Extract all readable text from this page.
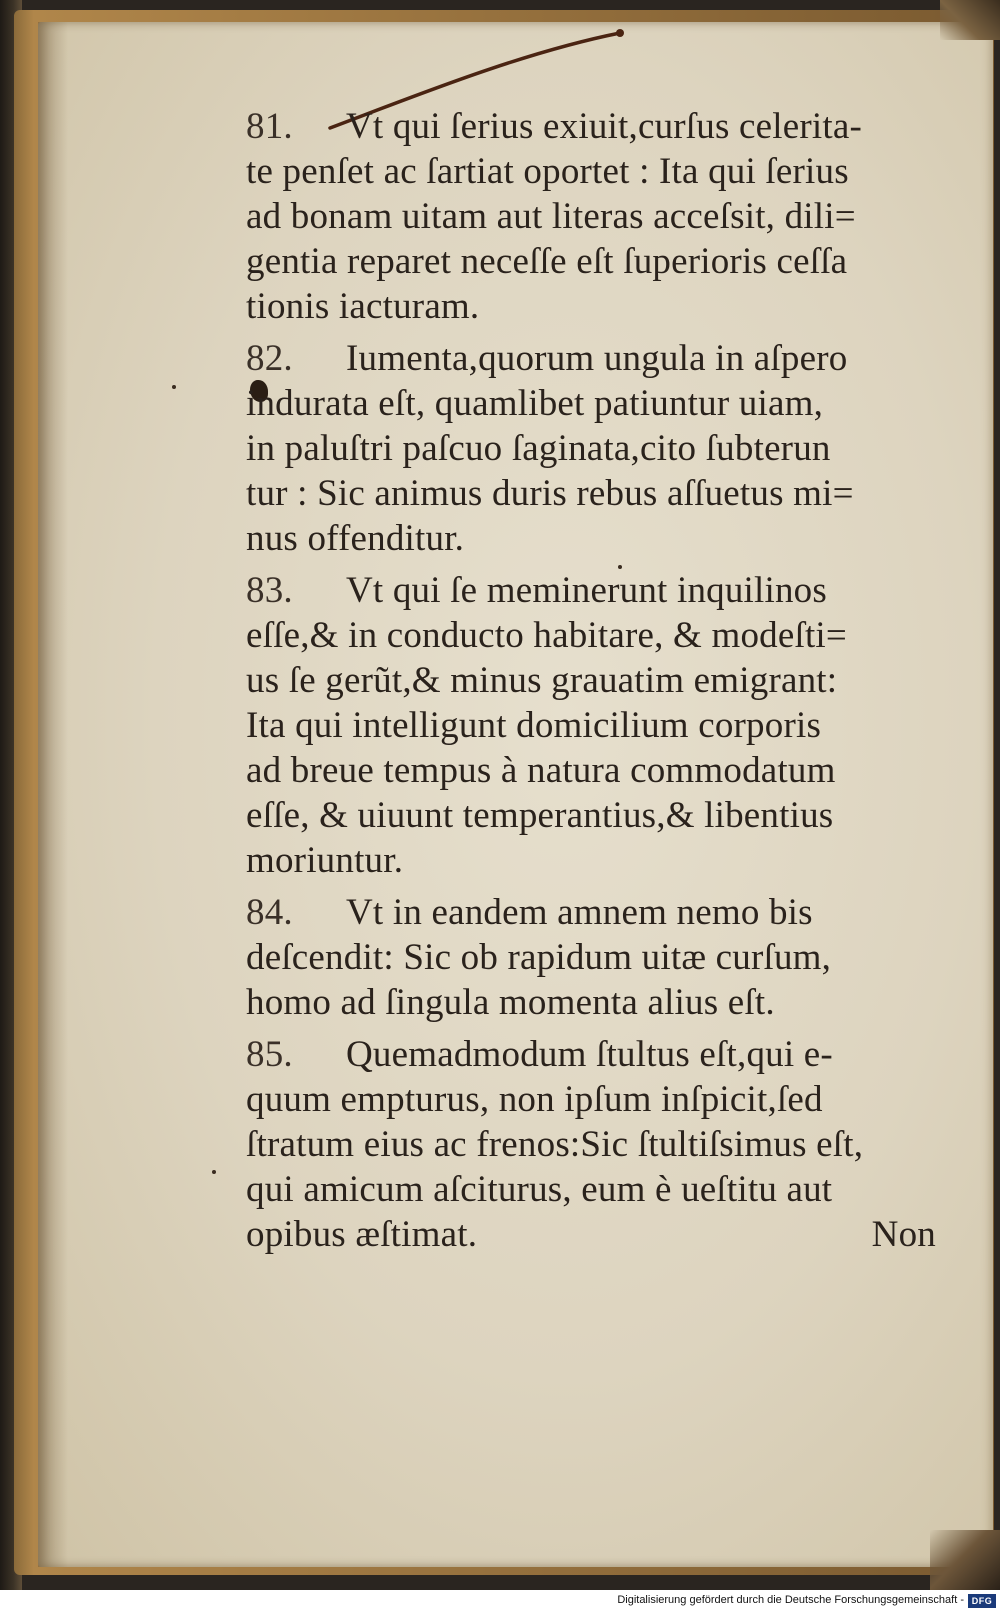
81. Vt qui ſerius exiuit,curſus celerita-
te penſet ac ſartiat oportet : Ita qui ſerius
ad bonam uitam aut literas acceſsit, dili=
gentia reparet neceſſe eſt ſuperioris ceſſa
tionis iacturam.
82. Iumenta,quorum ungula in aſpero
indurata eſt, quamlibet patiuntur uiam,
in paluſtri paſcuo ſaginata,cito ſubterun
tur : Sic animus duris rebus aſſuetus mi=
nus offenditur.
83. Vt qui ſe meminerunt inquilinos
eſſe,& in conducto habitare, & modeſti=
us ſe gerũt,& minus grauatim emigrant:
Ita qui intelligunt domicilium corporis
ad breue tempus à natura commodatum
eſſe, & uiuunt temperantius,& libentius
moriuntur.
84. Vt in eandem amnem nemo bis
deſcendit: Sic ob rapidum uitæ curſum,
homo ad ſingula momenta alius eſt.
85. Quemadmodum ſtultus eſt,qui e-
quum empturus, non ipſum inſpicit,ſed
ſtratum eius ac frenos:Sic ſtultiſsimus eſt,
qui amicum aſciturus, eum è ueſtitu aut
opibus æſtimat.	Non
Digitalisierung gefördert durch die Deutsche Forschungsgemeinschaft - DFG
